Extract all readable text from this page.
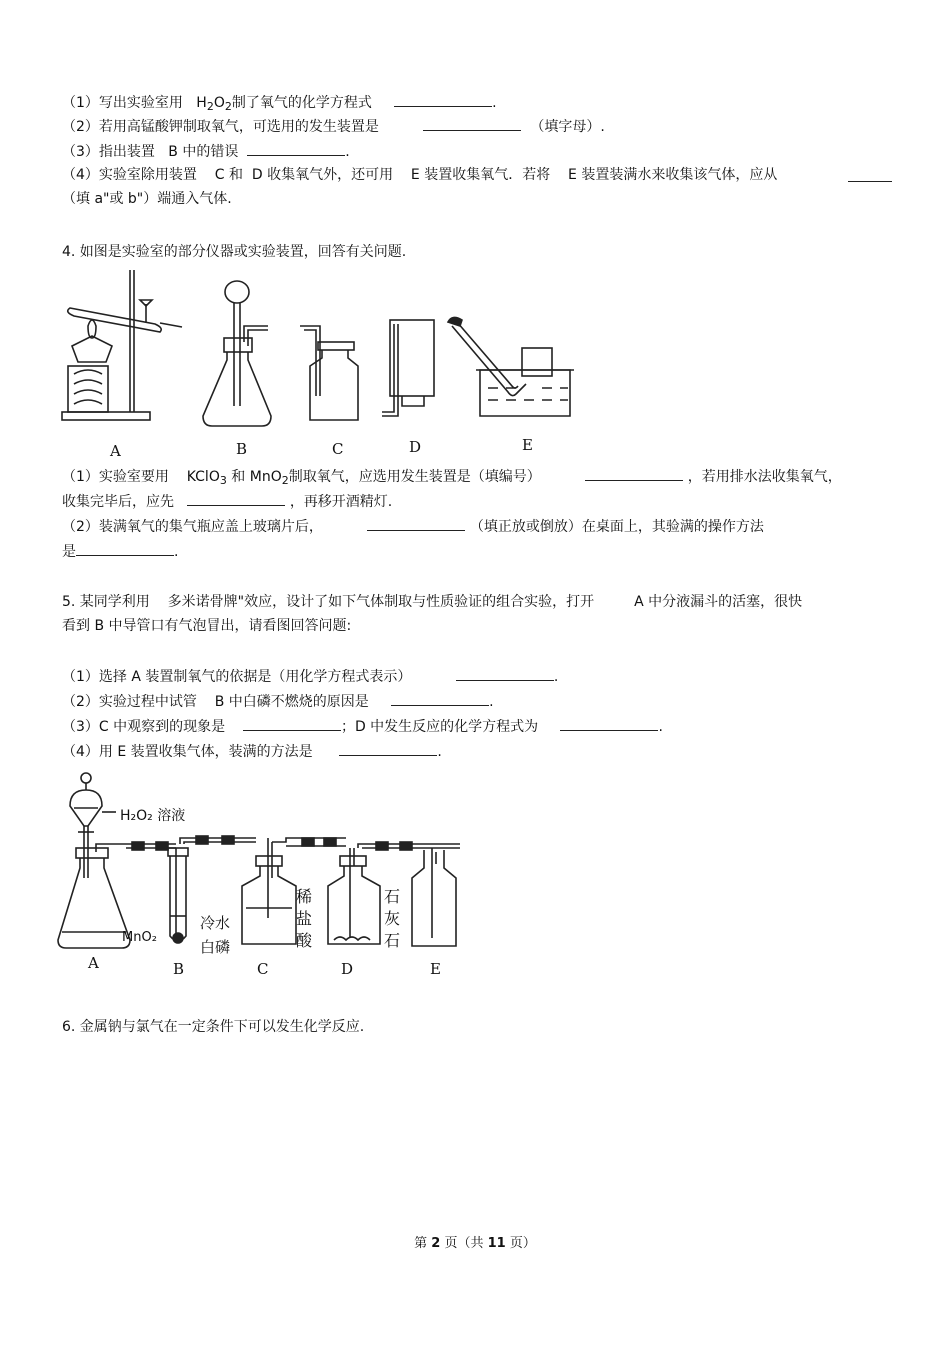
（1）写出实验室用 $H_2O_2$制了氧气的化学方程式	.
（2）若用高锰酸钾制取氧气，可选用的发生装置是	（填字母）.
（3）指出装置 B 中的错误	.
（4）实验室除用装置 C 和 D 收集氧气外，还可用 E 装置收集氧气．若将 E 装置装满水来收集该气体，应从
（填 a"或 b"）端通入气体.
4. 如图是实验室的部分仪器或实验装置，回答有关问题.
A	B	C	D	E
（1）实验室要用 KClO$_3$ 和 MnO$_2$制取氧气，应选用发生装置是（填编号）	，若用排水法收集氧气，
收集完毕后，应先	，再移开酒精灯.
（2）装满氧气的集气瓶应盖上玻璃片后，	（填正放或倒放）在桌面上，其验满的操作方法
是	.
5. 某同学利用 多米诺骨牌"效应，设计了如下气体制取与性质验证的组合实验，打开	A 中分液漏斗的活塞，很快
看到 B 中导管口有气泡冒出，请看图回答问题:
（1）选择 A 装置制氧气的依据是（用化学方程式表示）	.
（2）实验过程中试管 B 中白磷不燃烧的原因是	.
（3）C 中观察到的现象是	；D 中发生反应的化学方程式为	.
（4）用 E 装置收集气体，装满的方法是	.
H₂O₂ 溶液
MnO₂
冷水
白磷
稀
盐
酸
石
灰
石
A	B	C	D	E
6. 金属钠与氯气在一定条件下可以发生化学反应.
第 2 页（共 11 页）
